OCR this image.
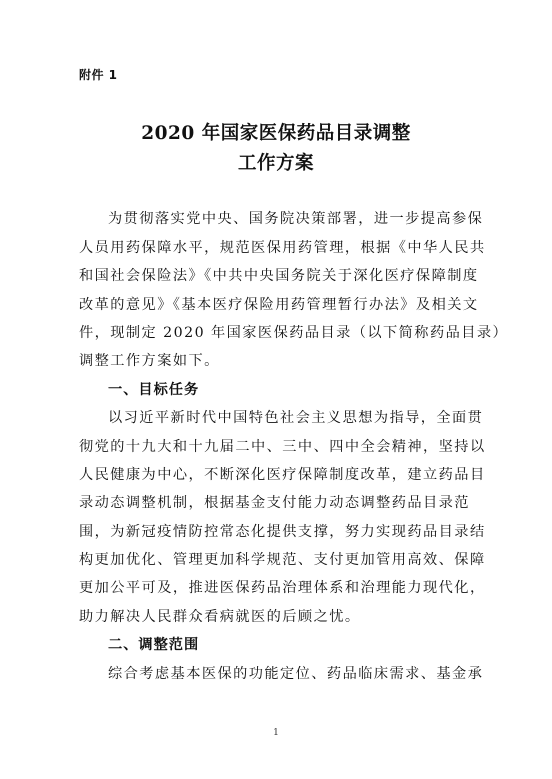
附件 1
2020 年国家医保药品目录调整
工作方案
为贯彻落实党中央、国务院决策部署，进一步提高参保
人员用药保障水平，规范医保用药管理，根据《中华人民共
和国社会保险法》《中共中央国务院关于深化医疗保障制度
改革的意见》《基本医疗保险用药管理暂行办法》及相关文
件，现制定 2020 年国家医保药品目录（以下简称药品目录）
调整工作方案如下。
一、目标任务
以习近平新时代中国特色社会主义思想为指导，全面贯
彻党的十九大和十九届二中、三中、四中全会精神，坚持以
人民健康为中心，不断深化医疗保障制度改革，建立药品目
录动态调整机制，根据基金支付能力动态调整药品目录范
围，为新冠疫情防控常态化提供支撑，努力实现药品目录结
构更加优化、管理更加科学规范、支付更加管用高效、保障
更加公平可及，推进医保药品治理体系和治理能力现代化，
助力解决人民群众看病就医的后顾之忧。
二、调整范围
综合考虑基本医保的功能定位、药品临床需求、基金承
1
